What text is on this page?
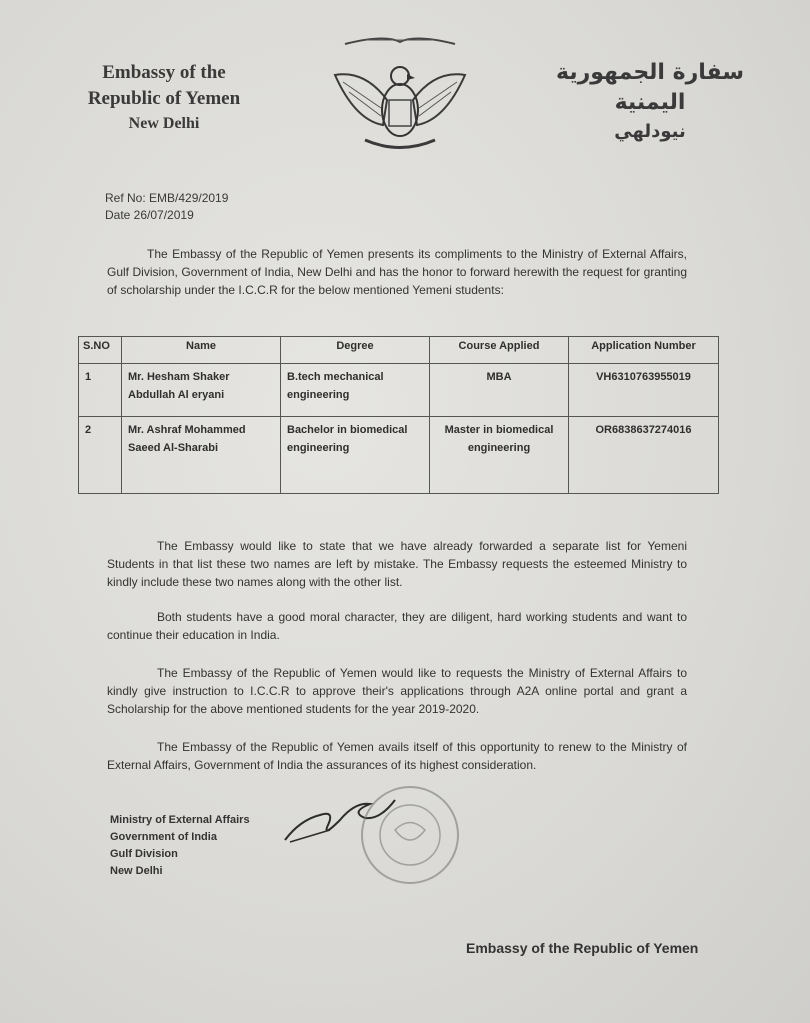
Embassy of the
Republic of Yemen
New Delhi
سفارة الجمهورية اليمنية
نيودلهي
Ref No: EMB/429/2019
Date 26/07/2019
The Embassy of the Republic of Yemen presents its compliments to the Ministry of External Affairs, Gulf Division, Government of India, New Delhi and has the honor to forward herewith the request for granting of scholarship under the I.C.C.R for the below mentioned Yemeni students:
S.NO	Name	Degree	Course Applied	Application Number
1	Mr. Hesham Shaker Abdullah Al eryani	B.tech mechanical engineering	MBA	VH6310763955019
2	Mr. Ashraf Mohammed Saeed Al-Sharabi	Bachelor in biomedical engineering	Master in biomedical engineering	OR6838637274016
The Embassy would like to state that we have already forwarded a separate list for Yemeni Students in that list these two names are left by mistake. The Embassy requests the esteemed Ministry to kindly include these two names along with the other list.
Both students have a good moral character, they are diligent, hard working students and want to continue their education in India.
The Embassy of the Republic of Yemen would like to requests the Ministry of External Affairs to kindly give instruction to I.C.C.R to approve their's applications through A2A online portal and grant a Scholarship for the above mentioned students for the year 2019-2020.
The Embassy of the Republic of Yemen avails itself of this opportunity to renew to the Ministry of External Affairs, Government of India the assurances of its highest consideration.
Ministry of External Affairs
Government of India
Gulf Division
New Delhi
Embassy of the Republic of Yemen
